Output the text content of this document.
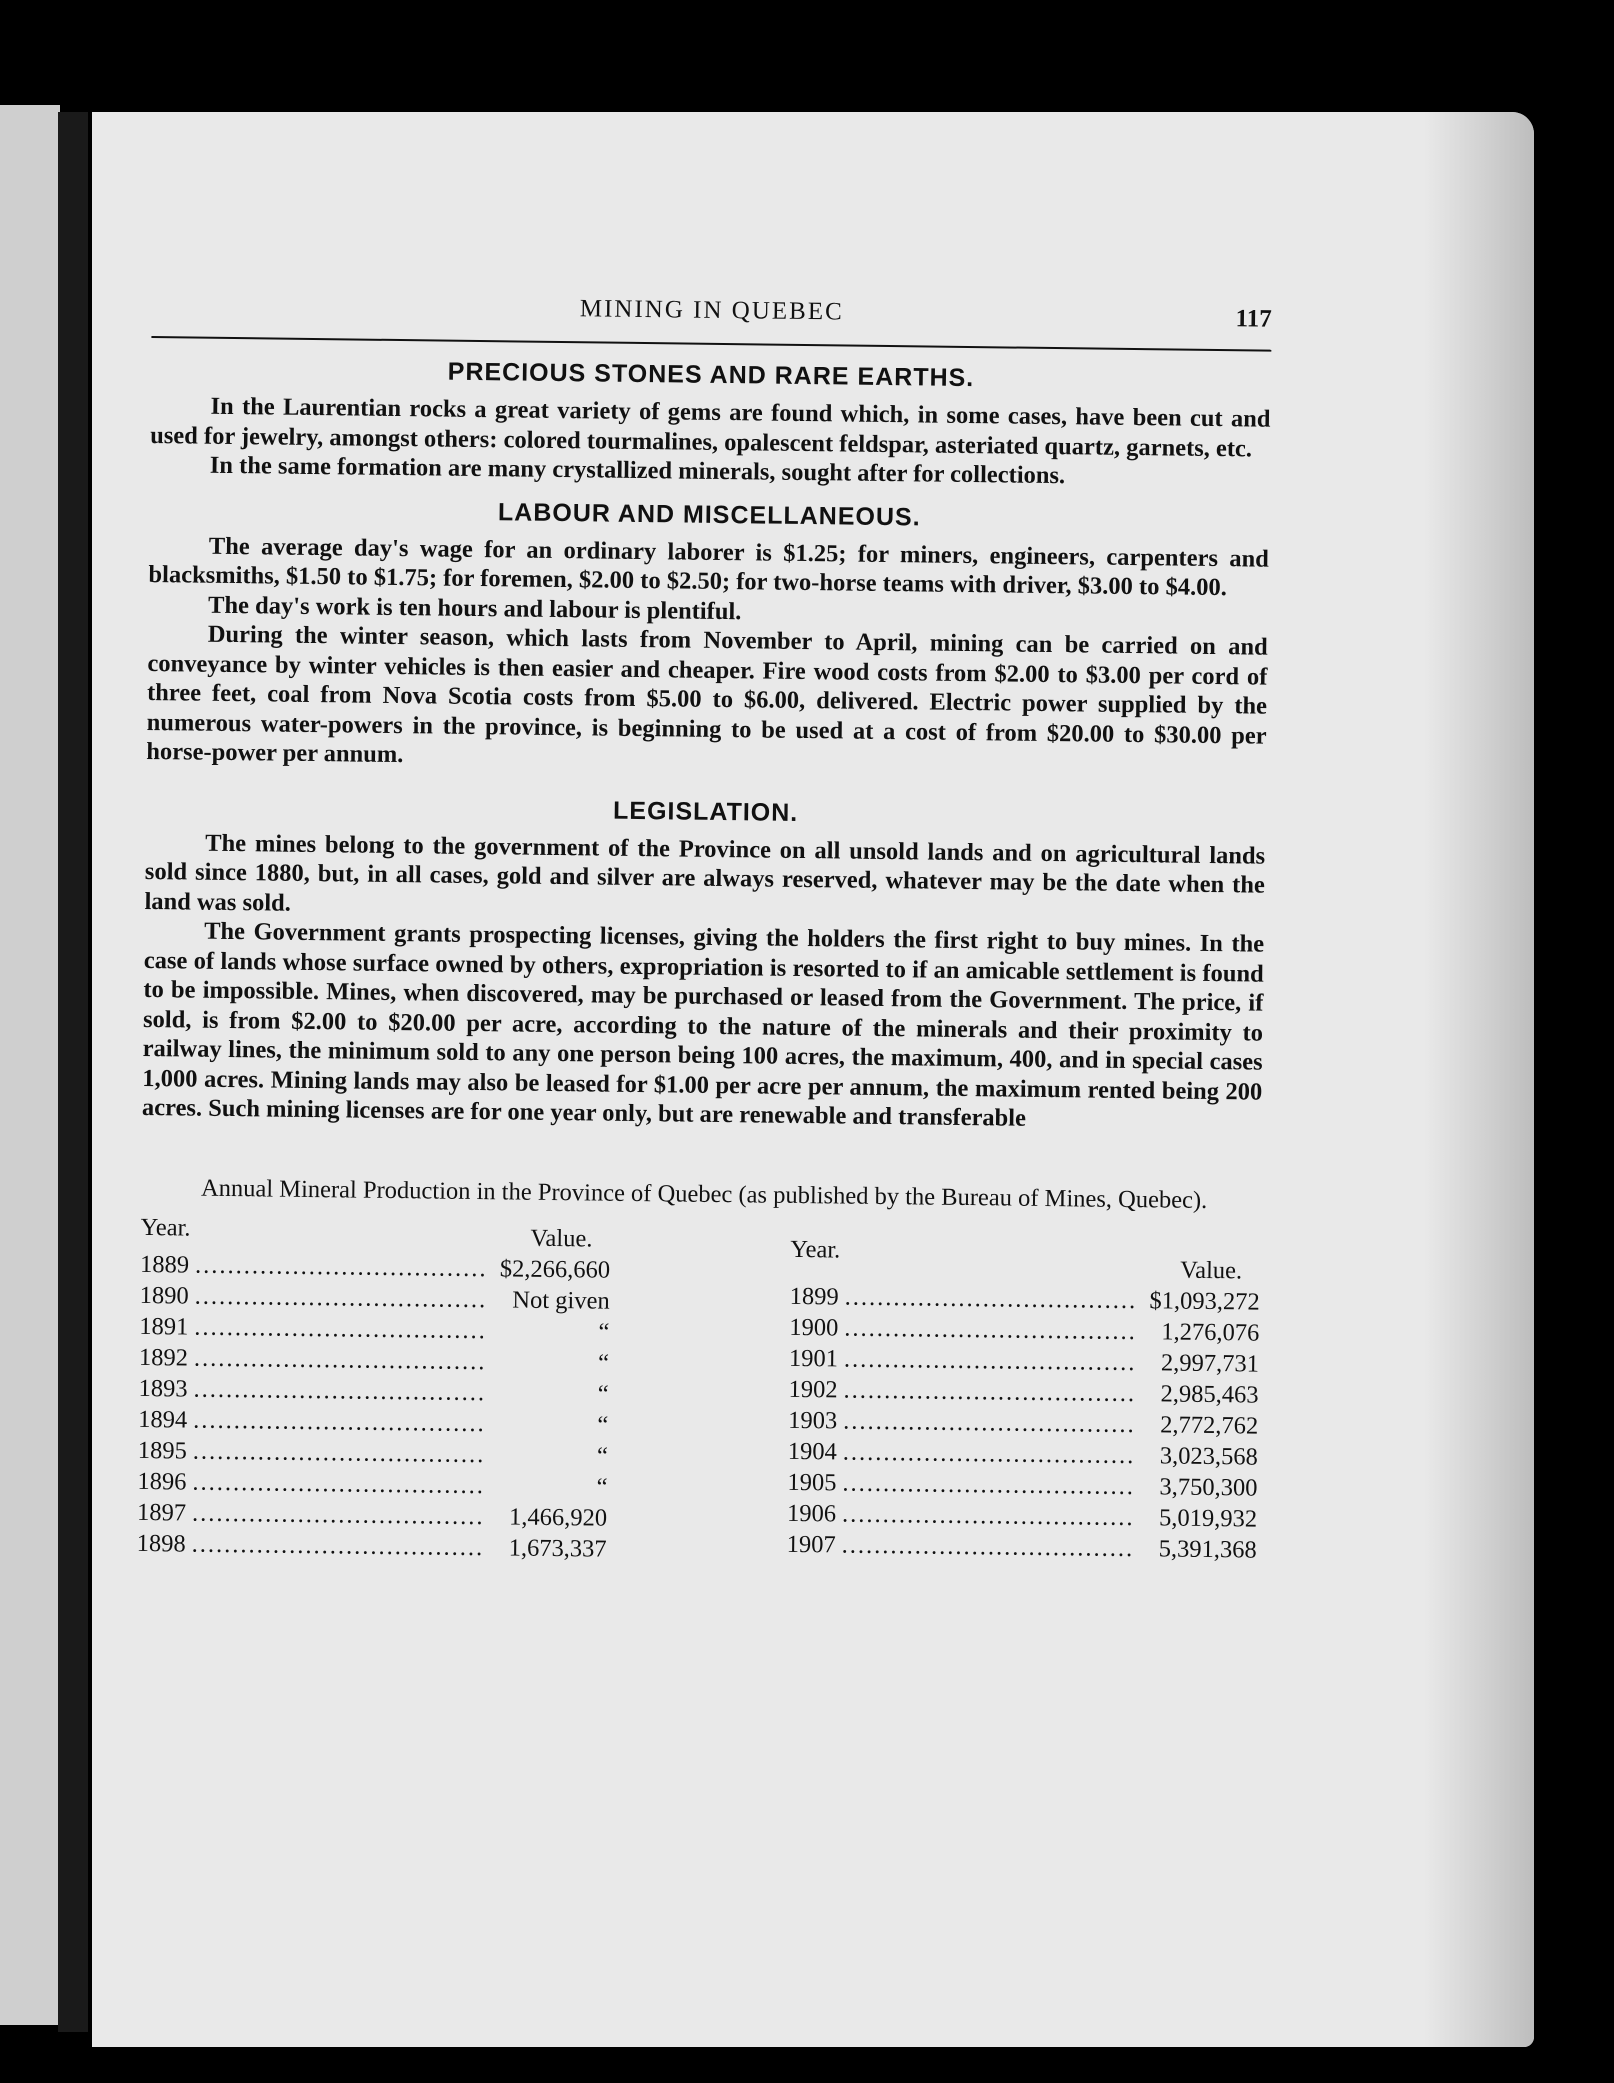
MINING IN QUEBEC	117
PRECIOUS STONES AND RARE EARTHS.

In the Laurentian rocks a great variety of gems are found which, in some cases, have been cut and used for jewelry, amongst others: colored tourmalines, opalescent feldspar, asteriated quartz, garnets, etc.

In the same formation are many crystallized minerals, sought after for collections.

LABOUR AND MISCELLANEOUS.

The average day's wage for an ordinary laborer is $1.25; for miners, engineers, carpenters and blacksmiths, $1.50 to $1.75; for foremen, $2.00 to $2.50; for two-horse teams with driver, $3.00 to $4.00.

The day's work is ten hours and labour is plentiful.

During the winter season, which lasts from November to April, mining can be carried on and conveyance by winter vehicles is then easier and cheaper. Fire wood costs from $2.00 to $3.00 per cord of three feet, coal from Nova Scotia costs from $5.00 to $6.00, delivered. Electric power supplied by the numerous water-powers in the province, is beginning to be used at a cost of from $20.00 to $30.00 per horse-power per annum.

LEGISLATION.

The mines belong to the government of the Province on all unsold lands and on agricultural lands sold since 1880, but, in all cases, gold and silver are always reserved, whatever may be the date when the land was sold.

The Government grants prospecting licenses, giving the holders the first right to buy mines. In the case of lands whose surface owned by others, expropriation is resorted to if an amicable settlement is found to be impossible. Mines, when discovered, may be purchased or leased from the Government. The price, if sold, is from $2.00 to $20.00 per acre, according to the nature of the minerals and their proximity to railway lines, the minimum sold to any one person being 100 acres, the maximum, 400, and in special cases 1,000 acres. Mining lands may also be leased for $1.00 per acre per annum, the maximum rented being 200 acres. Such mining licenses are for one year only, but are renewable and transferable

Annual Mineral Production in the Province of Quebec (as published by the Bureau of Mines, Quebec).

Year.	Value.
1889 .....	$2,266,660
1890 .....	Not given
1891 .....	“
1892 .....	“
1893 .....	“
1894 .....	“
1895 .....	“
1896 .....	“
1897 .....	1,466,920
1898 .....	1,673,337
Year.
Value.
1899 .....	$1,093,272
1900 .....	1,276,076
1901 .....	2,997,731
1902 .....	2,985,463
1903 .....	2,772,762
1904 .....	3,023,568
1905 .....	3,750,300
1906 .....	5,019,932
1907 .....	5,391,368
